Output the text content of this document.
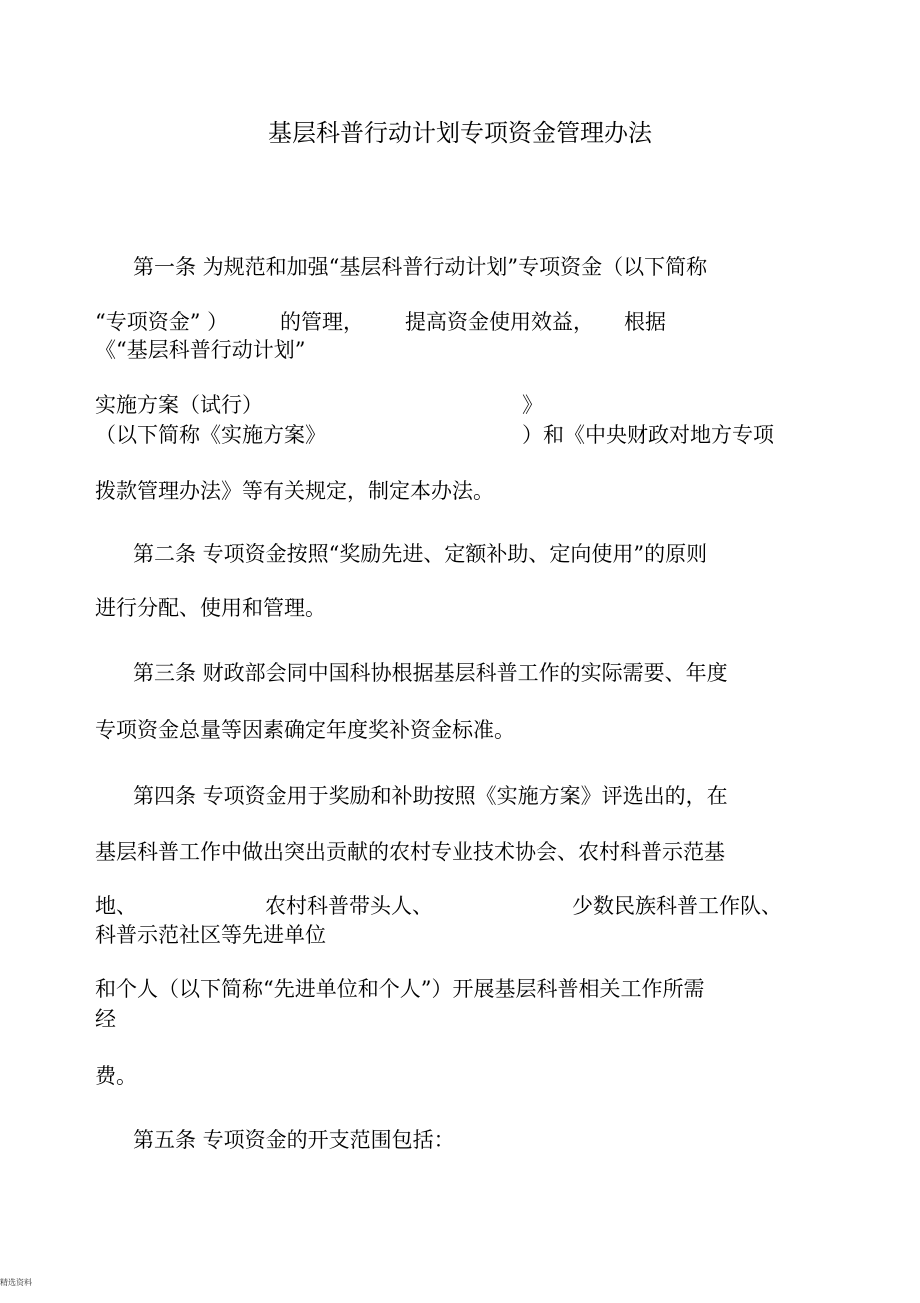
基层科普行动计划专项资金管理办法
第一条 为规范和加强“基层科普行动计划”专项资金（以下简称
“专项资金” ） 的管理， 提高资金使用效益， 根据
《“基层科普行动计划”
实施方案（试行）	》
（以下简称《实施方案》	）和《中央财政对地方专项
拨款管理办法》等有关规定，制定本办法。
第二条 专项资金按照“奖励先进、定额补助、定向使用”的原则
进行分配、使用和管理。
第三条 财政部会同中国科协根据基层科普工作的实际需要、年度
专项资金总量等因素确定年度奖补资金标准。
第四条 专项资金用于奖励和补助按照《实施方案》评选出的，在
基层科普工作中做出突出贡献的农村专业技术协会、农村科普示范基
地、	农村科普带头人、	少数民族科普工作队、
科普示范社区等先进单位
和个人（以下简称“先进单位和个人”）开展基层科普相关工作所需
经
费。
第五条 专项资金的开支范围包括：
精选资料
